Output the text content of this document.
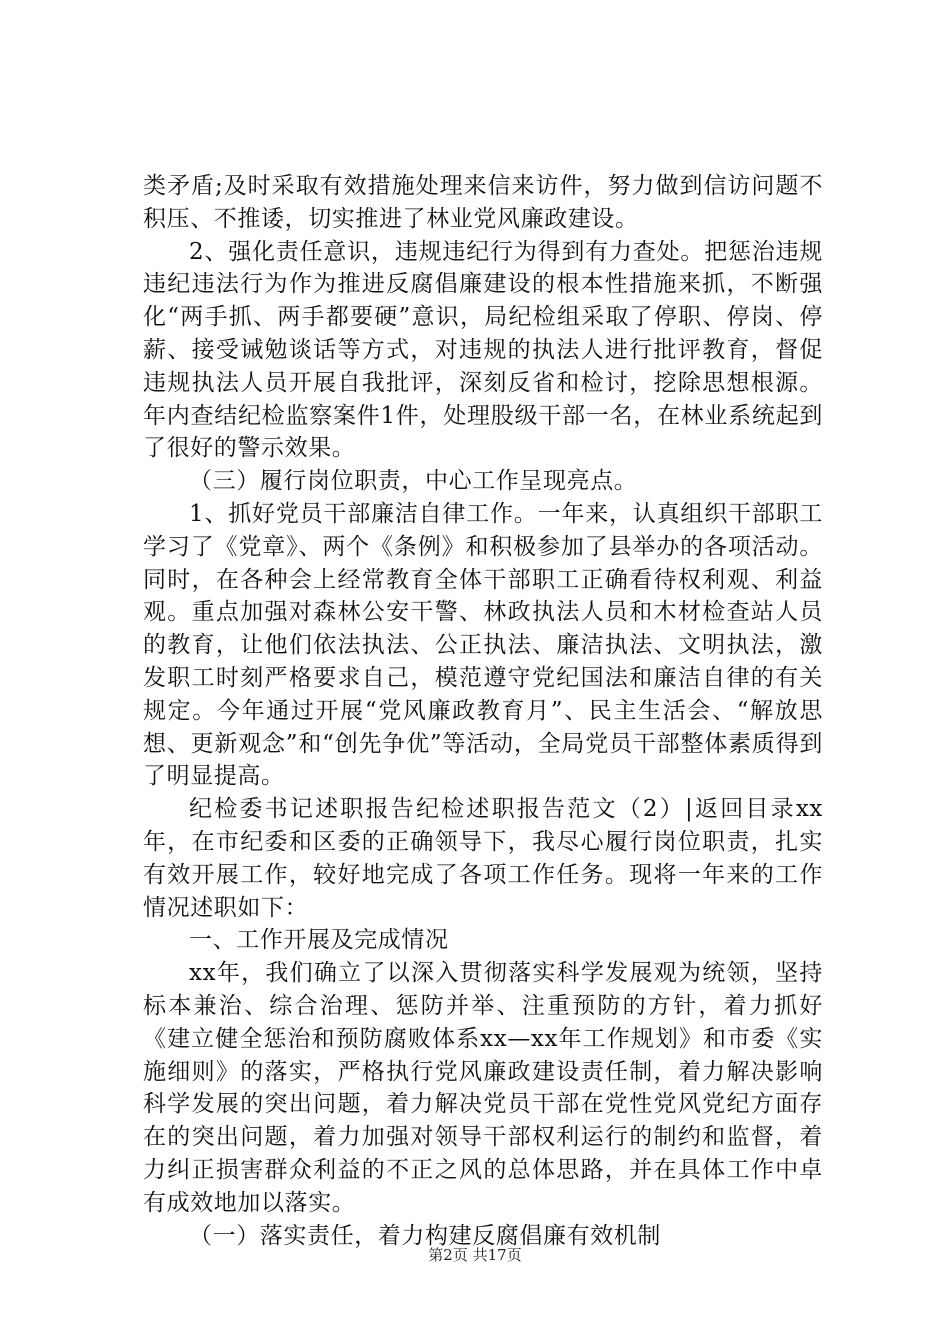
类矛盾;及时采取有效措施处理来信来访件，努力做到信访问题不积压、不推诿，切实推进了林业党风廉政建设。

2、强化责任意识，违规违纪行为得到有力查处。把惩治违规违纪违法行为作为推进反腐倡廉建设的根本性措施来抓，不断强化“两手抓、两手都要硬”意识，局纪检组采取了停职、停岗、停薪、接受诫勉谈话等方式，对违规的执法人进行批评教育，督促违规执法人员开展自我批评，深刻反省和检讨，挖除思想根源。年内查结纪检监察案件1件，处理股级干部一名，在林业系统起到了很好的警示效果。

（三）履行岗位职责，中心工作呈现亮点。

1、抓好党员干部廉洁自律工作。一年来，认真组织干部职工学习了《党章》、两个《条例》和积极参加了县举办的各项活动。同时，在各种会上经常教育全体干部职工正确看待权利观、利益观。重点加强对森林公安干警、林政执法人员和木材检查站人员的教育，让他们依法执法、公正执法、廉洁执法、文明执法，激发职工时刻严格要求自己，模范遵守党纪国法和廉洁自律的有关规定。今年通过开展“党风廉政教育月”、民主生活会、“解放思想、更新观念”和“创先争优”等活动，全局党员干部整体素质得到了明显提高。

纪检委书记述职报告纪检述职报告范文（2）|返回目录xx年，在市纪委和区委的正确领导下，我尽心履行岗位职责，扎实有效开展工作，较好地完成了各项工作任务。现将一年来的工作情况述职如下：

一、工作开展及完成情况

xx年，我们确立了以深入贯彻落实科学发展观为统领，坚持标本兼治、综合治理、惩防并举、注重预防的方针，着力抓好《建立健全惩治和预防腐败体系xx—xx年工作规划》和市委《实施细则》的落实，严格执行党风廉政建设责任制，着力解决影响科学发展的突出问题，着力解决党员干部在党性党风党纪方面存在的突出问题，着力加强对领导干部权利运行的制约和监督，着力纠正损害群众利益的不正之风的总体思路，并在具体工作中卓有成效地加以落实。

（一）落实责任，着力构建反腐倡廉有效机制

第2页 共17页
